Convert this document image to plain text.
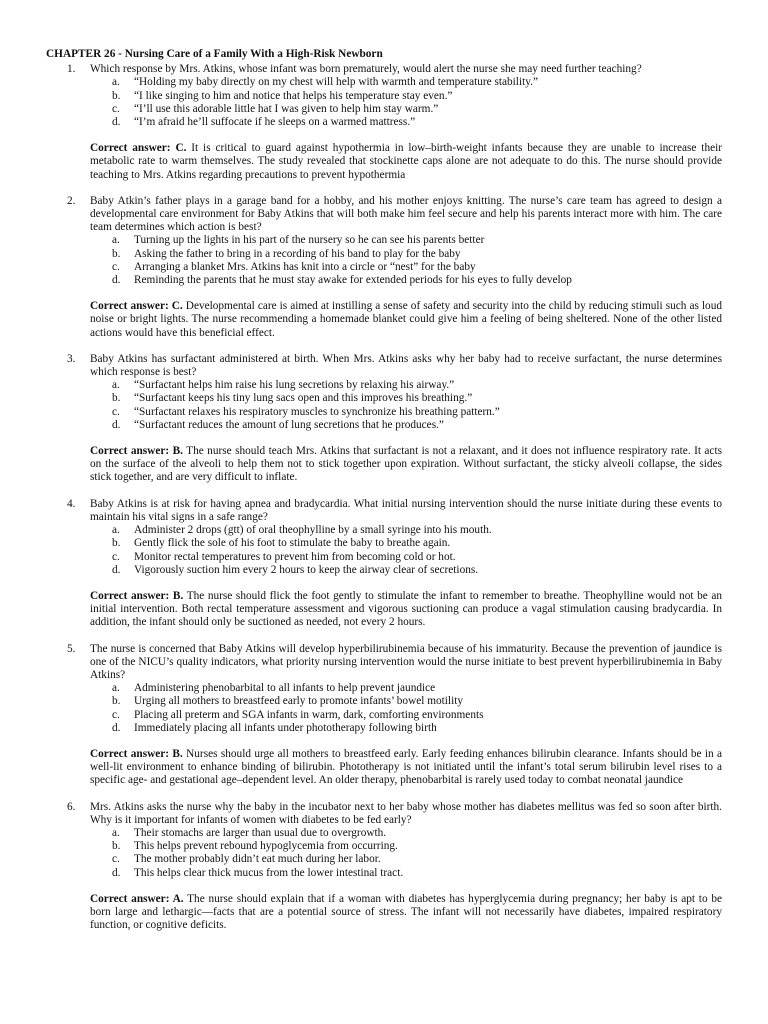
CHAPTER 26 - Nursing Care of a Family With a High-Risk Newborn
1.	Which response by Mrs. Atkins, whose infant was born prematurely, would alert the nurse she may need further teaching?
a.	“Holding my baby directly on my chest will help with warmth and temperature stability.”
b.	“I like singing to him and notice that helps his temperature stay even.”
c.	“I’ll use this adorable little hat I was given to help him stay warm.”
d.	“I’m afraid he’ll suffocate if he sleeps on a warmed mattress.”
Correct answer: C. It is critical to guard against hypothermia in low–birth-weight infants because they are unable to increase their metabolic rate to warm themselves. The study revealed that stockinette caps alone are not adequate to do this. The nurse should provide teaching to Mrs. Atkins regarding precautions to prevent hypothermia
2.	Baby Atkin’s father plays in a garage band for a hobby, and his mother enjoys knitting. The nurse’s care team has agreed to design a developmental care environment for Baby Atkins that will both make him feel secure and help his parents interact more with him. The care team determines which action is best?
a.	Turning up the lights in his part of the nursery so he can see his parents better
b.	Asking the father to bring in a recording of his band to play for the baby
c.	Arranging a blanket Mrs. Atkins has knit into a circle or “nest” for the baby
d.	Reminding the parents that he must stay awake for extended periods for his eyes to fully develop
Correct answer: C. Developmental care is aimed at instilling a sense of safety and security into the child by reducing stimuli such as loud noise or bright lights. The nurse recommending a homemade blanket could give him a feeling of being sheltered. None of the other listed actions would have this beneficial effect.
3.	Baby Atkins has surfactant administered at birth. When Mrs. Atkins asks why her baby had to receive surfactant, the nurse determines which response is best?
a.	“Surfactant helps him raise his lung secretions by relaxing his airway.”
b.	“Surfactant keeps his tiny lung sacs open and this improves his breathing.”
c.	“Surfactant relaxes his respiratory muscles to synchronize his breathing pattern.”
d.	“Surfactant reduces the amount of lung secretions that he produces.”
Correct answer: B. The nurse should teach Mrs. Atkins that surfactant is not a relaxant, and it does not influence respiratory rate. It acts on the surface of the alveoli to help them not to stick together upon expiration. Without surfactant, the sticky alveoli collapse, the sides stick together, and are very difficult to inflate.
4.	Baby Atkins is at risk for having apnea and bradycardia. What initial nursing intervention should the nurse initiate during these events to maintain his vital signs in a safe range?
a.	Administer 2 drops (gtt) of oral theophylline by a small syringe into his mouth.
b.	Gently flick the sole of his foot to stimulate the baby to breathe again.
c.	Monitor rectal temperatures to prevent him from becoming cold or hot.
d.	Vigorously suction him every 2 hours to keep the airway clear of secretions.
Correct answer: B. The nurse should flick the foot gently to stimulate the infant to remember to breathe. Theophylline would not be an initial intervention. Both rectal temperature assessment and vigorous suctioning can produce a vagal stimulation causing bradycardia. In addition, the infant should only be suctioned as needed, not every 2 hours.
5.	The nurse is concerned that Baby Atkins will develop hyperbilirubinemia because of his immaturity. Because the prevention of jaundice is one of the NICU’s quality indicators, what priority nursing intervention would the nurse initiate to best prevent hyperbilirubinemia in Baby Atkins?
a.	Administering phenobarbital to all infants to help prevent jaundice
b.	Urging all mothers to breastfeed early to promote infants’ bowel motility
c.	Placing all preterm and SGA infants in warm, dark, comforting environments
d.	Immediately placing all infants under phototherapy following birth
Correct answer: B. Nurses should urge all mothers to breastfeed early. Early feeding enhances bilirubin clearance. Infants should be in a well-lit environment to enhance binding of bilirubin. Phototherapy is not initiated until the infant’s total serum bilirubin level rises to a specific age- and gestational age–dependent level. An older therapy, phenobarbital is rarely used today to combat neonatal jaundice
6.	Mrs. Atkins asks the nurse why the baby in the incubator next to her baby whose mother has diabetes mellitus was fed so soon after birth. Why is it important for infants of women with diabetes to be fed early?
a.	Their stomachs are larger than usual due to overgrowth.
b.	This helps prevent rebound hypoglycemia from occurring.
c.	The mother probably didn’t eat much during her labor.
d.	This helps clear thick mucus from the lower intestinal tract.
Correct answer: A. The nurse should explain that if a woman with diabetes has hyperglycemia during pregnancy; her baby is apt to be born large and lethargic—facts that are a potential source of stress. The infant will not necessarily have diabetes, impaired respiratory function, or cognitive deficits.
